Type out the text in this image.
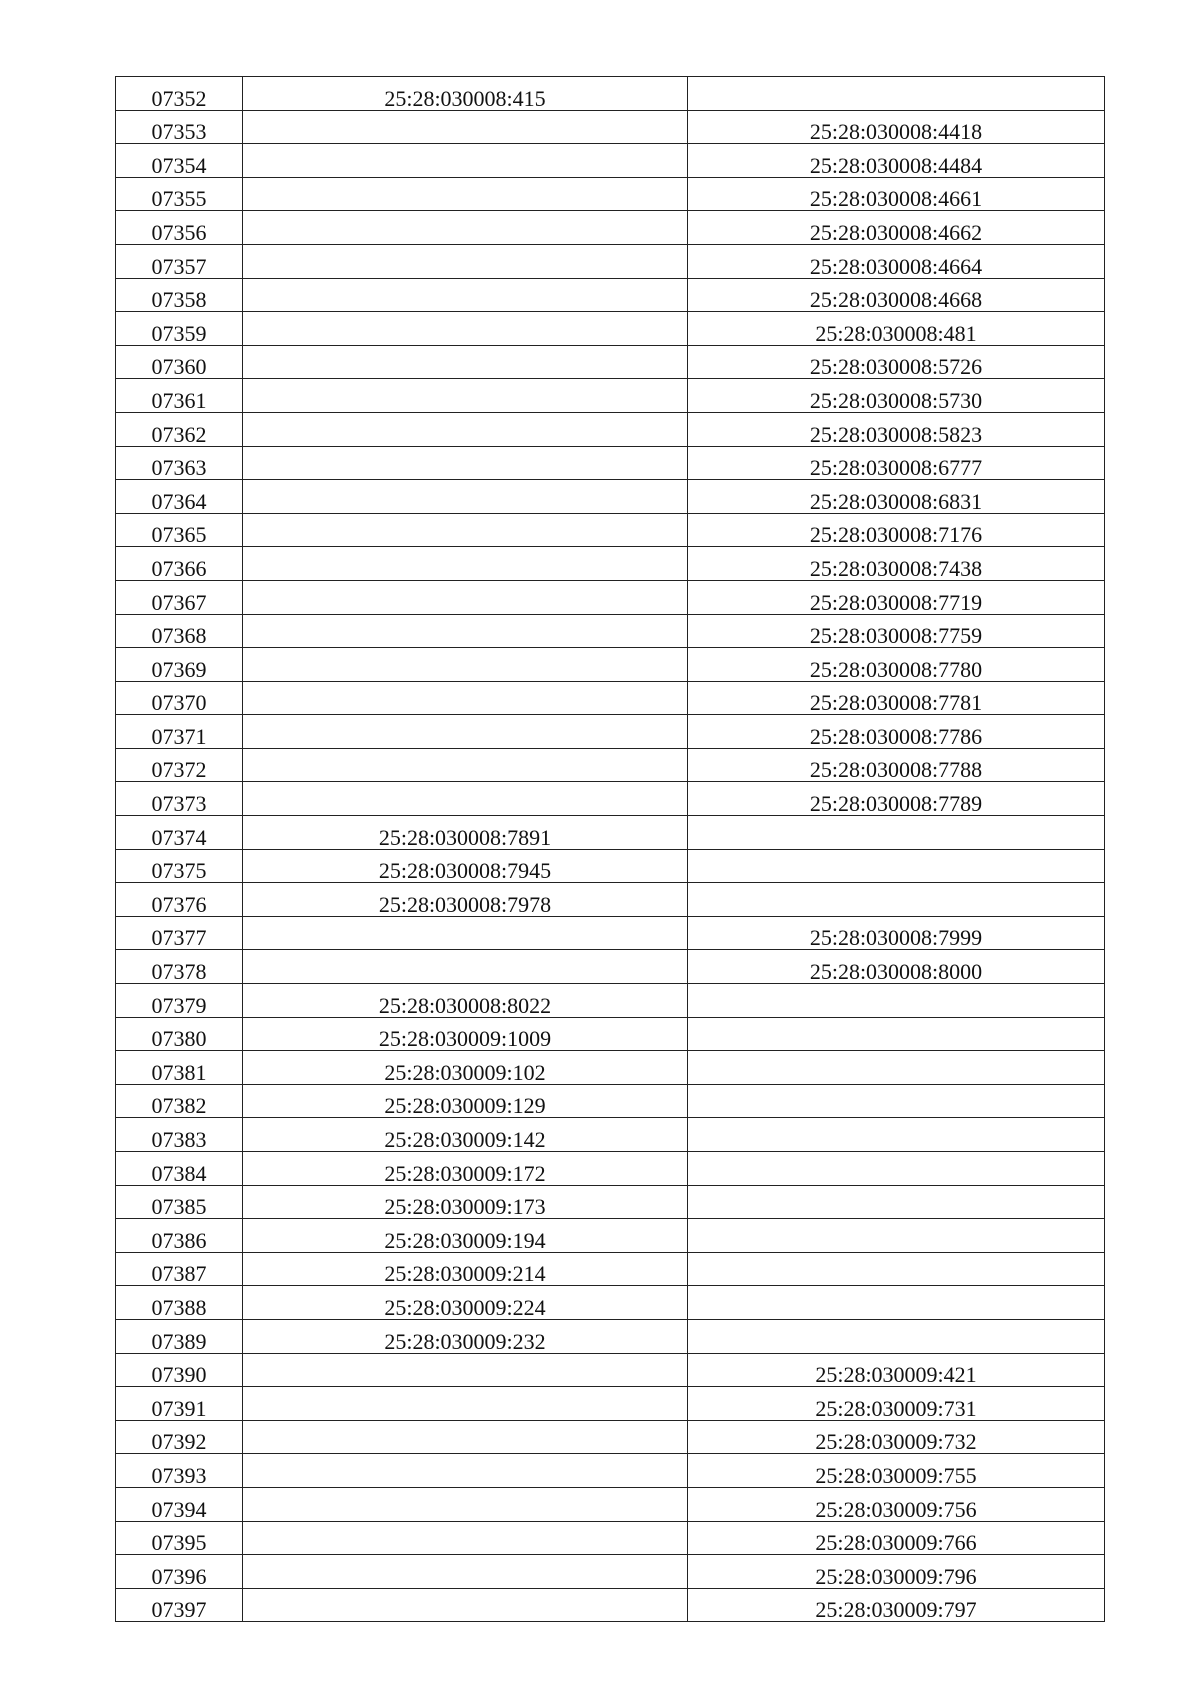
07352	25:28:030008:415	
07353		25:28:030008:4418
07354		25:28:030008:4484
07355		25:28:030008:4661
07356		25:28:030008:4662
07357		25:28:030008:4664
07358		25:28:030008:4668
07359		25:28:030008:481
07360		25:28:030008:5726
07361		25:28:030008:5730
07362		25:28:030008:5823
07363		25:28:030008:6777
07364		25:28:030008:6831
07365		25:28:030008:7176
07366		25:28:030008:7438
07367		25:28:030008:7719
07368		25:28:030008:7759
07369		25:28:030008:7780
07370		25:28:030008:7781
07371		25:28:030008:7786
07372		25:28:030008:7788
07373		25:28:030008:7789
07374	25:28:030008:7891	
07375	25:28:030008:7945	
07376	25:28:030008:7978	
07377		25:28:030008:7999
07378		25:28:030008:8000
07379	25:28:030008:8022	
07380	25:28:030009:1009	
07381	25:28:030009:102	
07382	25:28:030009:129	
07383	25:28:030009:142	
07384	25:28:030009:172	
07385	25:28:030009:173	
07386	25:28:030009:194	
07387	25:28:030009:214	
07388	25:28:030009:224	
07389	25:28:030009:232	
07390		25:28:030009:421
07391		25:28:030009:731
07392		25:28:030009:732
07393		25:28:030009:755
07394		25:28:030009:756
07395		25:28:030009:766
07396		25:28:030009:796
07397		25:28:030009:797
